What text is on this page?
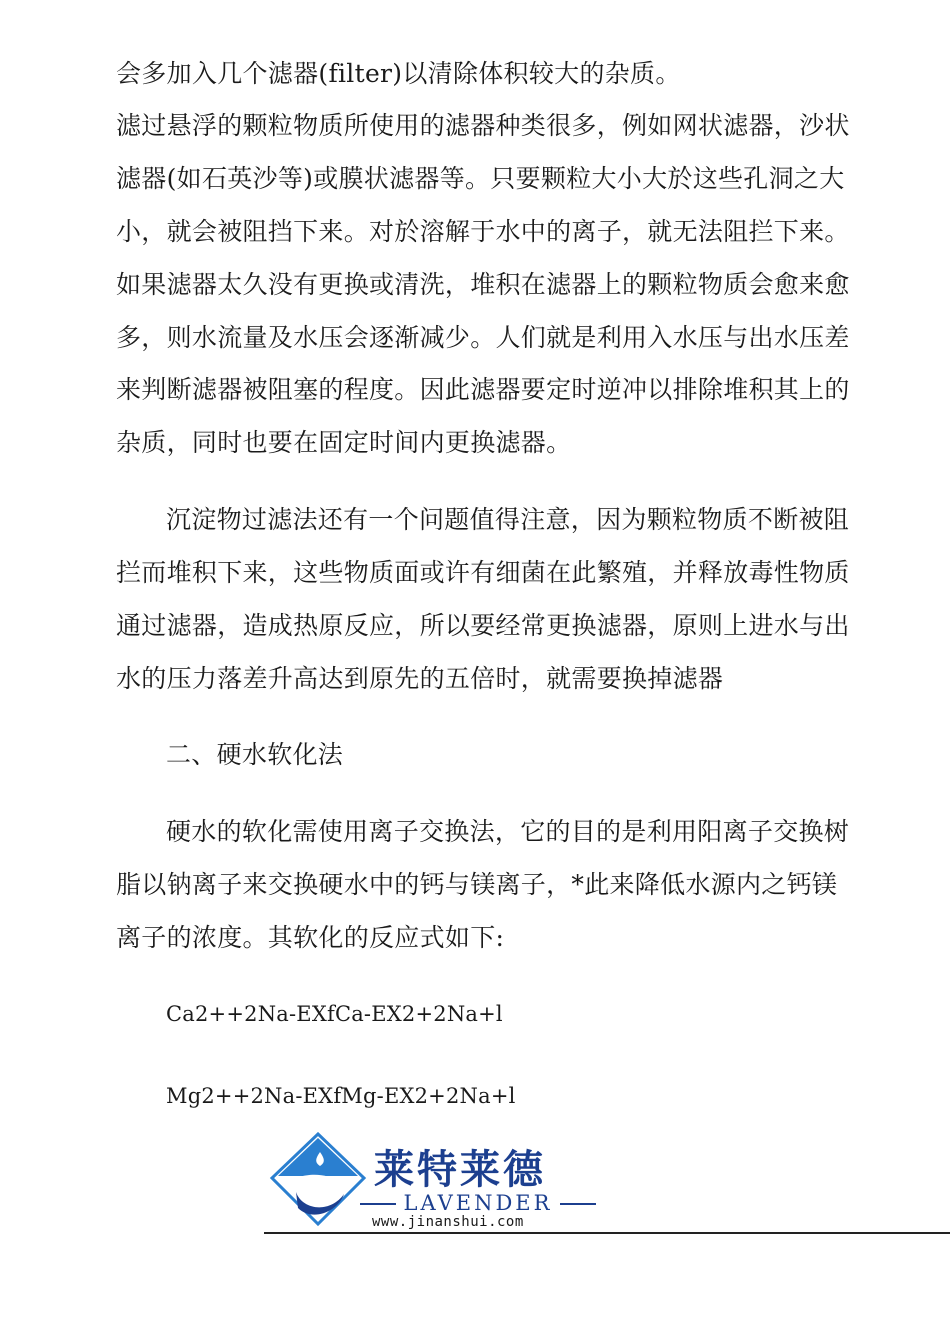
会多加入几个滤器(filter)以清除体积较大的杂质。
滤过悬浮的颗粒物质所使用的滤器种类很多，例如网状滤器，沙状
滤器(如石英沙等)或膜状滤器等。只要颗粒大小大於这些孔洞之大
小，就会被阻挡下来。对於溶解于水中的离子，就无法阻拦下来。
如果滤器太久没有更换或清洗，堆积在滤器上的颗粒物质会愈来愈
多，则水流量及水压会逐渐减少。人们就是利用入水压与出水压差
来判断滤器被阻塞的程度。因此滤器要定时逆冲以排除堆积其上的
杂质，同时也要在固定时间内更换滤器。
沉淀物过滤法还有一个问题值得注意，因为颗粒物质不断被阻
拦而堆积下来，这些物质面或许有细菌在此繁殖，并释放毒性物质
通过滤器，造成热原反应，所以要经常更换滤器，原则上进水与出
水的压力落差升高达到原先的五倍时，就需要换掉滤器
二、硬水软化法
硬水的软化需使用离子交换法，它的目的是利用阳离子交换树
脂以钠离子来交换硬水中的钙与镁离子，*此来降低水源内之钙镁
离子的浓度。其软化的反应式如下:
Ca2++2Na-EXfCa-EX2+2Na+l
Mg2++2Na-EXfMg-EX2+2Na+l
莱特莱德
LAVENDER
www.jinanshui.com
